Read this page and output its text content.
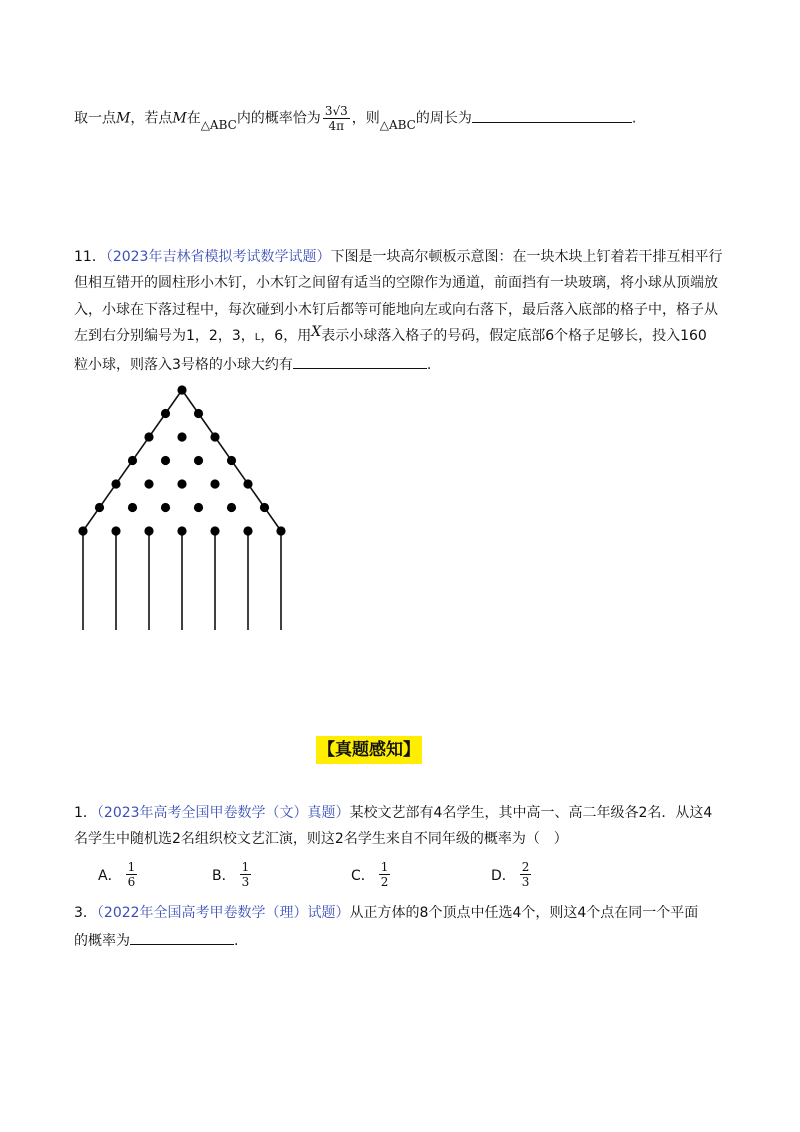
取一点M，若点M在△ABC内的概率恰为 $\frac{3√3}{4\pi}$ ，则△ABC的周长为	.
11．（2023年吉林省模拟考试数学试题）下图是一块高尔顿板示意图：在一块木块上钉着若干排互相平行
但相互错开的圆柱形小木钉，小木钉之间留有适当的空隙作为通道，前面挡有一块玻璃，将小球从顶端放
入，小球在下落过程中，每次碰到小木钉后都等可能地向左或向右落下，最后落入底部的格子中，格子从
左到右分别编号为1，2，3，L，6，用X表示小球落入格子的号码，假定底部6个格子足够长，投入160
粒小球，则落入3号格的小球大约有	.
【真题感知】
1．（2023年高考全国甲卷数学（文）真题）某校文艺部有4名学生，其中高一、高二年级各2名．从这4
名学生中随机选2名组织校文艺汇演，则这2名学生来自不同年级的概率为（　）
A． $\frac{1}{6}$	B． $\frac{1}{3}$	C． $\frac{1}{2}$	D． $\frac{2}{3}$
3．（2022年全国高考甲卷数学（理）试题）从正方体的8个顶点中任选4个，则这4个点在同一个平面
的概率为	.
